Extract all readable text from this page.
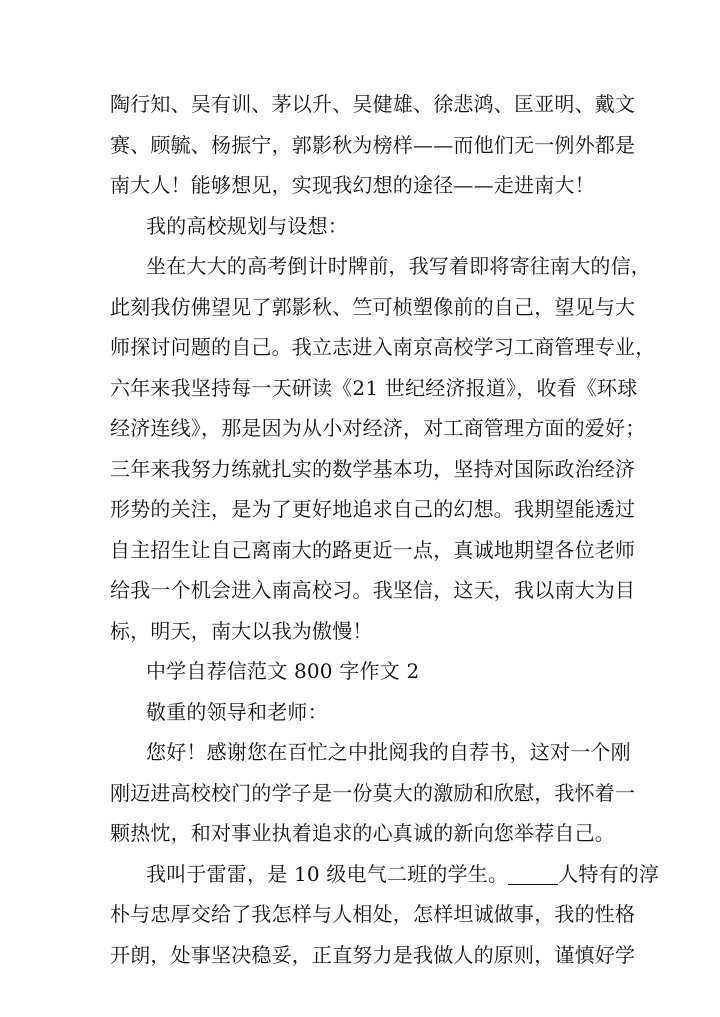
陶行知、吴有训、茅以升、吴健雄、徐悲鸿、匡亚明、戴文
赛、顾毓、杨振宁，郭影秋为榜样——而他们无一例外都是
南大人！能够想见，实现我幻想的途径——走进南大！
我的高校规划与设想：
坐在大大的高考倒计时牌前，我写着即将寄往南大的信，
此刻我仿佛望见了郭影秋、竺可桢塑像前的自己，望见与大
师探讨问题的自己。我立志进入南京高校学习工商管理专业，
六年来我坚持每一天研读《21 世纪经济报道》，收看《环球
经济连线》，那是因为从小对经济，对工商管理方面的爱好；
三年来我努力练就扎实的数学基本功，坚持对国际政治经济
形势的关注，是为了更好地追求自己的幻想。我期望能透过
自主招生让自己离南大的路更近一点，真诚地期望各位老师
给我一个机会进入南高校习。我坚信，这天，我以南大为目
标，明天，南大以我为傲慢！
中学自荐信范文 800 字作文 2
敬重的领导和老师：
您好！感谢您在百忙之中批阅我的自荐书，这对一个刚
刚迈进高校校门的学子是一份莫大的激励和欣慰，我怀着一
颗热忱，和对事业执着追求的心真诚的新向您举荐自己。
我叫于雷雷，是 10 级电气二班的学生。	人特有的淳
朴与忠厚交给了我怎样与人相处，怎样坦诚做事，我的性格
开朗，处事坚决稳妥，正直努力是我做人的原则，谨慎好学
